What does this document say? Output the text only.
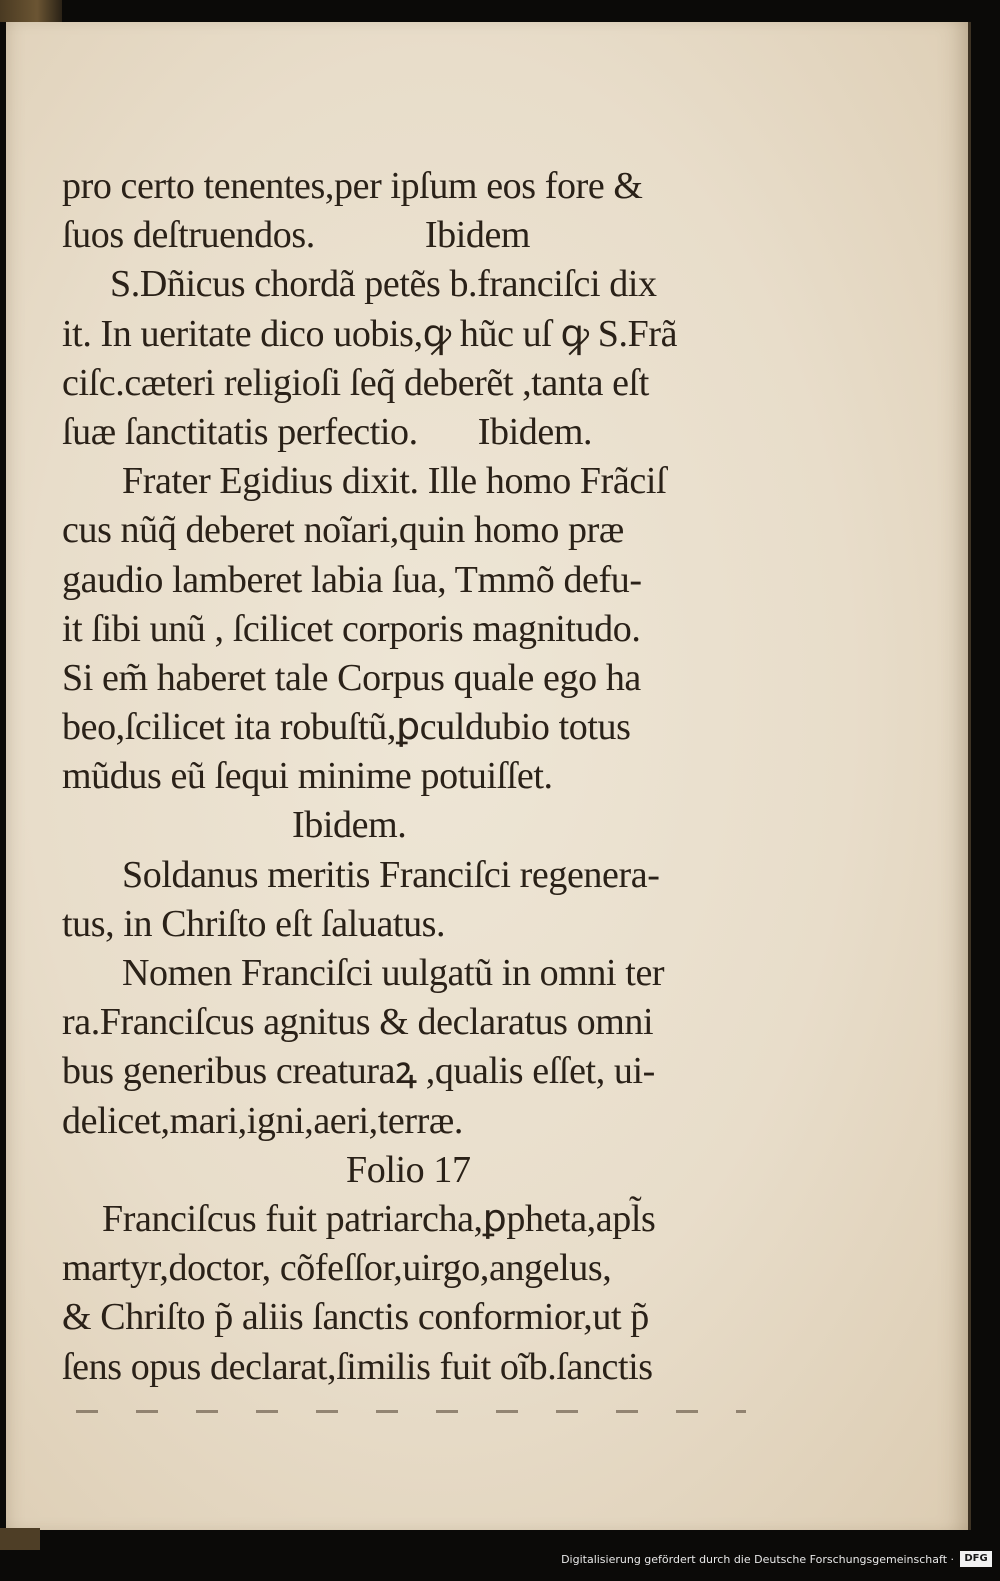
pro certo tenentes,per ipſum eos fore &
ſuos deſtruendos.	Ibidem
S.Dñicus chordã petẽs b.franciſci dix
it. In ueritate dico uobis,ꝙ hũc uſ ꝙ S.Frã
ciſc.cæteri religioſi ſeq̃ deberẽt ,tanta eſt
ſuæ ſanctitatis perfectio. Ibidem.
Frater Egidius dixit. Ille homo Frãciſ
cus nũq̃ deberet noĩari,quin homo præ
gaudio lamberet labia ſua, Tmmõ defu-
it ſibi unũ , ſcilicet corporis magnitudo.
Si em̃ haberet tale Corpus quale ego ha
beo,ſcilicet ita robuſtũ,ꝑculdubio totus
mũdus eũ ſequi minime potuiſſet.
Ibidem.
Soldanus meritis Franciſci regenera-
tus, in Chriſto eſt ſaluatus.
Nomen Franciſci uulgatũ in omni ter
ra.Franciſcus agnitus & declaratus omni
bus generibus creaturaꝝ ,qualis eſſet, ui-
delicet,mari,igni,aeri,terræ.
Folio 17
Franciſcus fuit patriarcha,ꝑpheta,apl̃s
martyr,doctor, cõfeſſor,uirgo,angelus,
& Chriſto p̃ aliis ſanctis conformior,ut p̃
ſens opus declarat,ſimilis fuit oĩb.ſanctis
Digitalisierung gefördert durch die Deutsche Forschungsgemeinschaft ·	DFG
